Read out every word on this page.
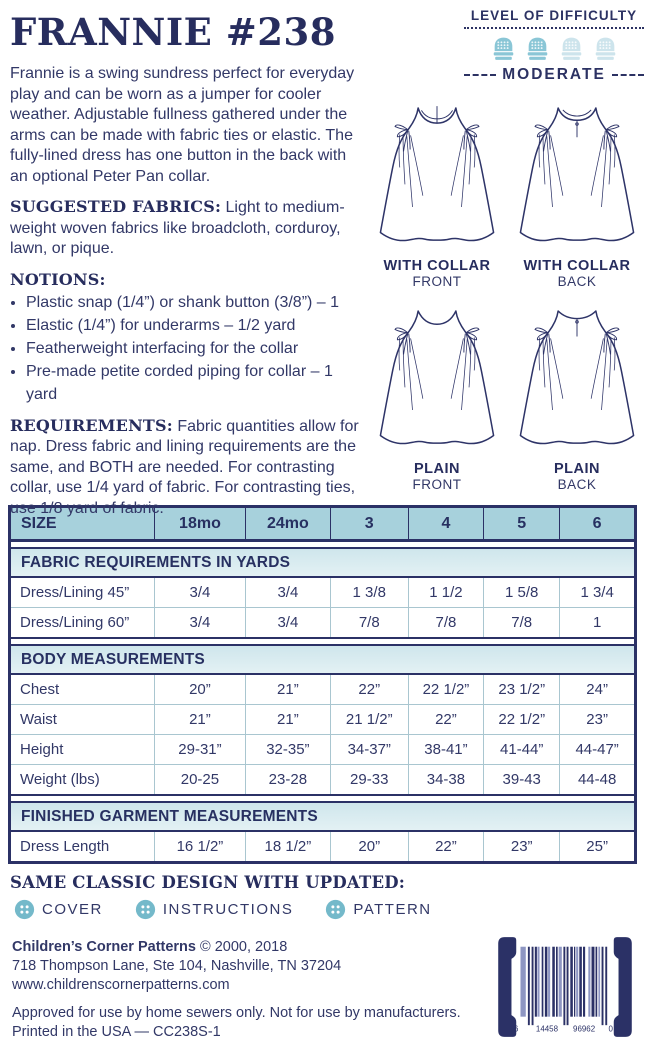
FRANNIE #238

Frannie is a swing sundress perfect for everyday play and can be worn as a jumper for cooler weather. Adjustable fullness gathered under the arms can be made with fabric ties or elastic. The fully-lined dress has one button in the back with an optional Peter Pan collar.

SUGGESTED FABRICS: Light to medium-weight woven fabrics like broadcloth, corduroy, lawn, or pique.

NOTIONS:
• Plastic snap (1/4”) or shank button (3/8”) – 1
• Elastic (1/4”) for underarms – 1/2 yard
• Featherweight interfacing for the collar
• Pre-made petite corded piping for collar – 1 yard

REQUIREMENTS: Fabric quantities allow for nap. Dress fabric and lining requirements are the same, and BOTH are needed. For contrasting collar, use 1/4 yard of fabric. For contrasting ties, use 1/8 yard of fabric.

LEVEL OF DIFFICULTY
MODERATE
WITH COLLAR
FRONT
WITH COLLAR
BACK
PLAIN
FRONT
PLAIN
BACK
SIZE	18mo	24mo	3	4	5	6
FABRIC REQUIREMENTS IN YARDS
Dress/Lining 45”	3/4	3/4	1 3/8	1 1/2	1 5/8	1 3/4
Dress/Lining 60”	3/4	3/4	7/8	7/8	7/8	1
BODY MEASUREMENTS
Chest	20”	21”	22”	22 1/2”	23 1/2”	24”
Waist	21”	21”	21 1/2”	22”	22 1/2”	23”
Height	29-31”	32-35”	34-37”	38-41”	41-44”	44-47”
Weight (lbs)	20-25	23-28	29-33	34-38	39-43	44-48
FINISHED GARMENT MEASUREMENTS
Dress Length	16 1/2”	18 1/2”	20”	22”	23”	25”
SAME CLASSIC DESIGN WITH UPDATED:
COVER	INSTRUCTIONS	PATTERN
Children’s Corner Patterns © 2000, 2018
718 Thompson Lane, Ste 104, Nashville, TN 37204
www.childrenscornerpatterns.com
Approved for use by home sewers only. Not for use by manufacturers.
Printed in the USA — CC238S-1	6 14458 96962 0
